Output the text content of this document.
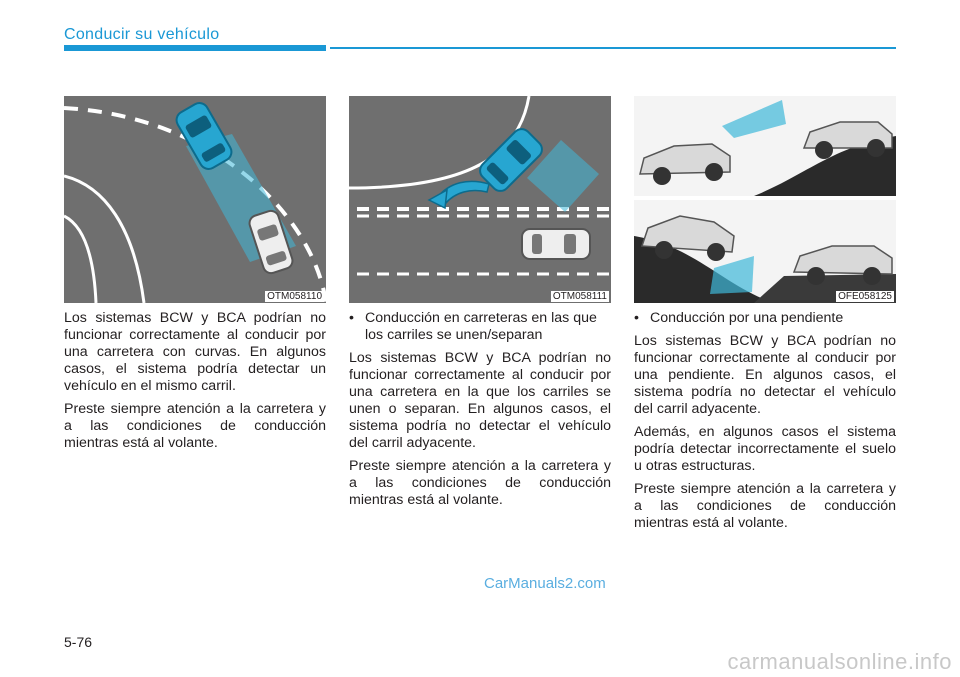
Conducir su vehículo
OTM058110	OTM058111	OFE058125

Los sistemas BCW y BCA podrían no funcionar correctamente al conducir por una carretera con curvas. En algunos casos, el sistema podría detectar un vehículo en el mismo carril.

Preste siempre atención a la carretera y a las condiciones de conducción mientras está al volante.

• Conducción en carreteras en las que los carriles se unen/separan

Los sistemas BCW y BCA podrían no funcionar correctamente al conducir por una carretera en la que los carriles se unen o separan. En algunos casos, el sistema podría no detectar el vehículo del carril adyacente.

Preste siempre atención a la carretera y a las condiciones de conducción mientras está al volante.

• Conducción por una pendiente

Los sistemas BCW y BCA podrían no funcionar correctamente al conducir por una pendiente. En algunos casos, el sistema podría no detectar el vehículo del carril adyacente.

Además, en algunos casos el sistema podría detectar incorrectamente el suelo u otras estructuras.

Preste siempre atención a la carretera y a las condiciones de conducción mientras está al volante.

CarManuals2.com
5-76
carmanualsonline.info
